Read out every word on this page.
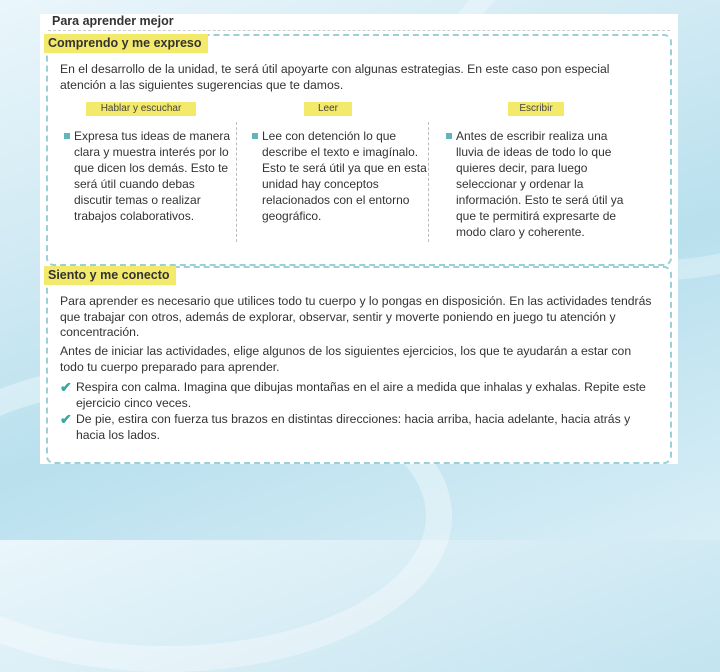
Para aprender mejor
Comprendo y me expreso
En el desarrollo de la unidad, te será útil apoyarte con algunas estrategias. En este caso pon especial atención a las siguientes sugerencias que te damos.
Hablar y escuchar	Leer	Escribir
Expresa tus ideas de manera clara y muestra interés por lo que dicen los demás. Esto te será útil cuando debas discutir temas o realizar trabajos colaborativos.
Lee con detención lo que describe el texto e imagínalo. Esto te será útil ya que en esta unidad hay conceptos relacionados con el entorno geográfico.
Antes de escribir realiza una lluvia de ideas de todo lo que quieres decir, para luego seleccionar y ordenar la información. Esto te será útil ya que te permitirá expresarte de modo claro y coherente.
Siento y me conecto
Para aprender es necesario que utilices todo tu cuerpo y lo pongas en disposición. En las actividades tendrás que trabajar con otros, además de explorar, observar, sentir y moverte poniendo en juego tu atención y concentración.
Antes de iniciar las actividades, elige algunos de los siguientes ejercicios, los que te ayudarán a estar con todo tu cuerpo preparado para aprender.
✔ Respira con calma. Imagina que dibujas montañas en el aire a medida que inhalas y exhalas. Repite este ejercicio cinco veces.
✔ De pie, estira con fuerza tus brazos en distintas direcciones: hacia arriba, hacia adelante, hacia atrás y hacia los lados.
